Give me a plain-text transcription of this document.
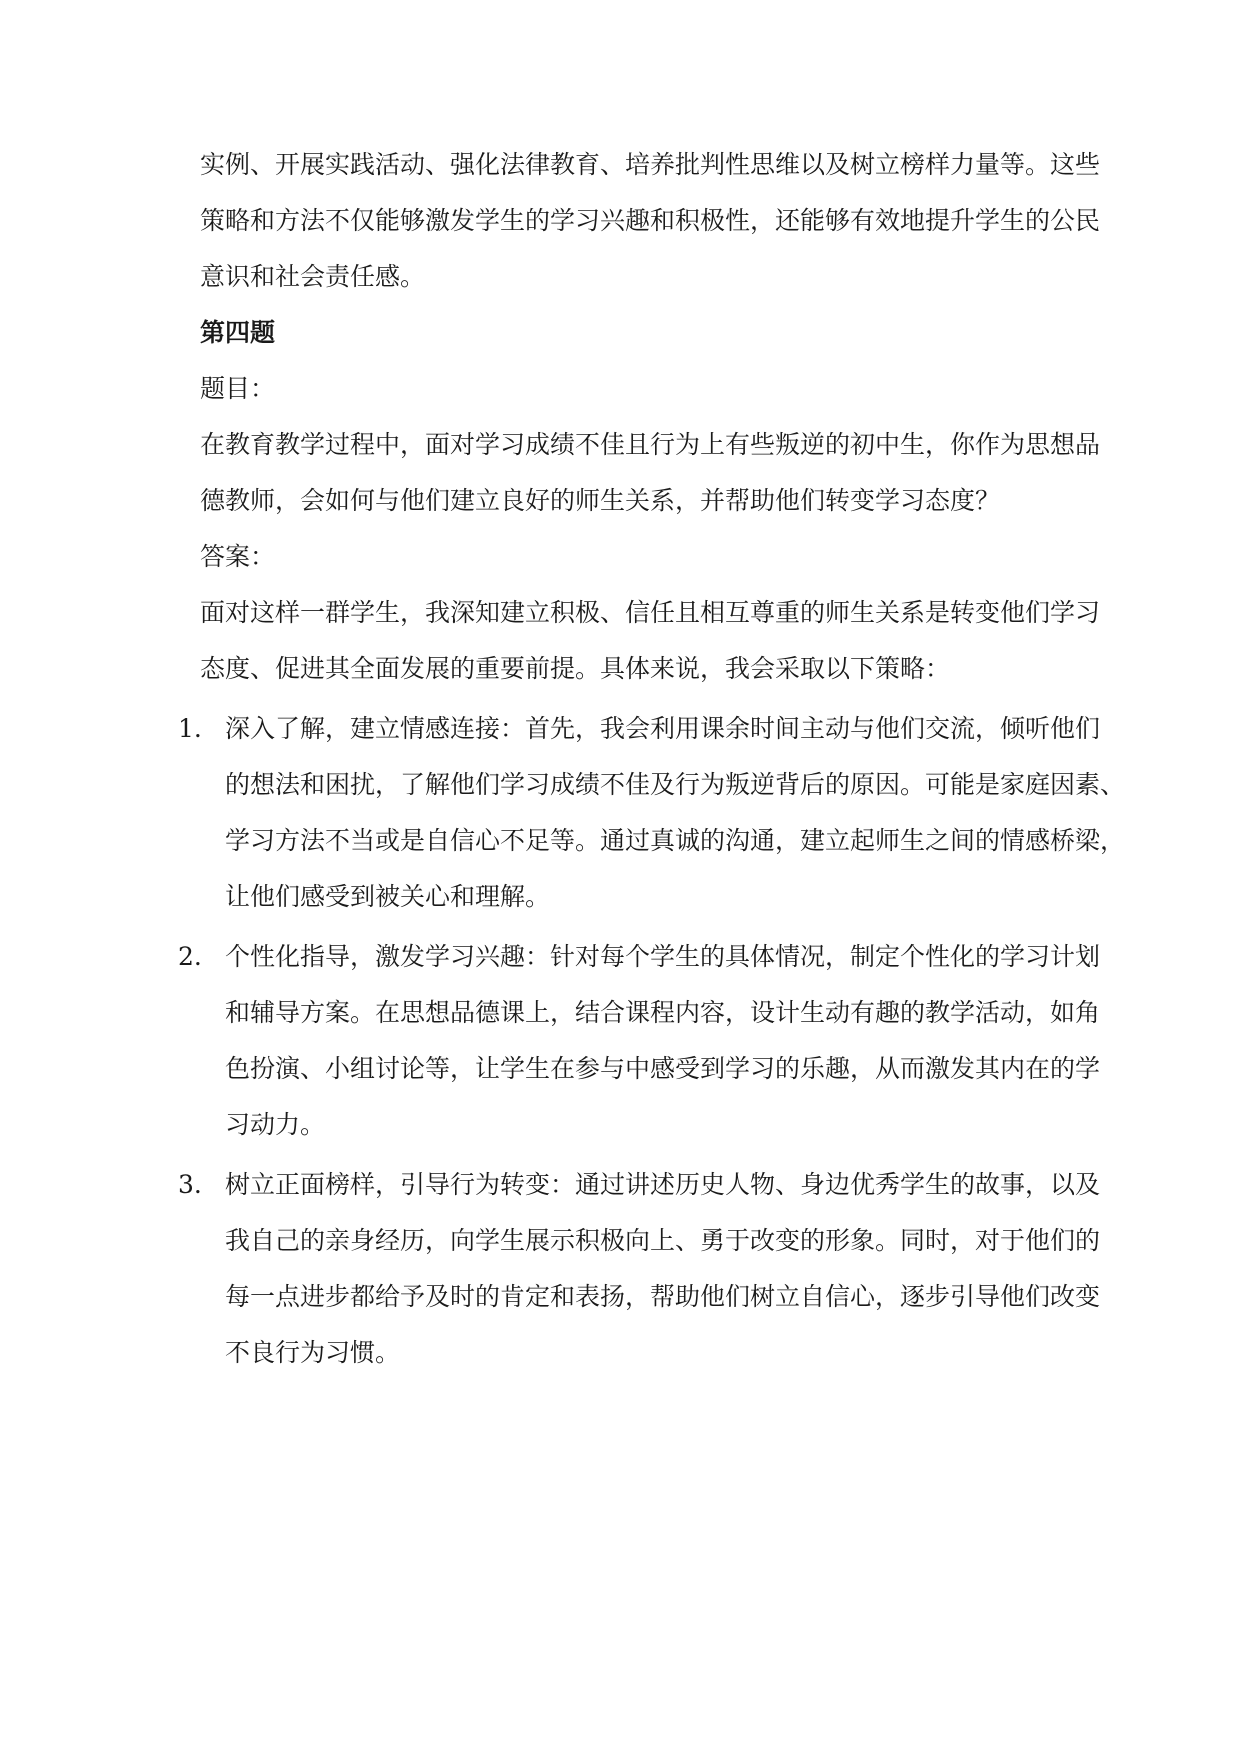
实例、开展实践活动、强化法律教育、培养批判性思维以及树立榜样力量等。这些
策略和方法不仅能够激发学生的学习兴趣和积极性，还能够有效地提升学生的公民
意识和社会责任感。
第四题
题目：
在教育教学过程中，面对学习成绩不佳且行为上有些叛逆的初中生，你作为思想品
德教师，会如何与他们建立良好的师生关系，并帮助他们转变学习态度？
答案：
面对这样一群学生，我深知建立积极、信任且相互尊重的师生关系是转变他们学习
态度、促进其全面发展的重要前提。具体来说，我会采取以下策略：
1. 深入了解，建立情感连接：首先，我会利用课余时间主动与他们交流，倾听他们
的想法和困扰，了解他们学习成绩不佳及行为叛逆背后的原因。可能是家庭因素、
学习方法不当或是自信心不足等。通过真诚的沟通，建立起师生之间的情感桥梁，
让他们感受到被关心和理解。
2. 个性化指导，激发学习兴趣：针对每个学生的具体情况，制定个性化的学习计划
和辅导方案。在思想品德课上，结合课程内容，设计生动有趣的教学活动，如角
色扮演、小组讨论等，让学生在参与中感受到学习的乐趣，从而激发其内在的学
习动力。
3. 树立正面榜样，引导行为转变：通过讲述历史人物、身边优秀学生的故事，以及
我自己的亲身经历，向学生展示积极向上、勇于改变的形象。同时，对于他们的
每一点进步都给予及时的肯定和表扬，帮助他们树立自信心，逐步引导他们改变
不良行为习惯。
